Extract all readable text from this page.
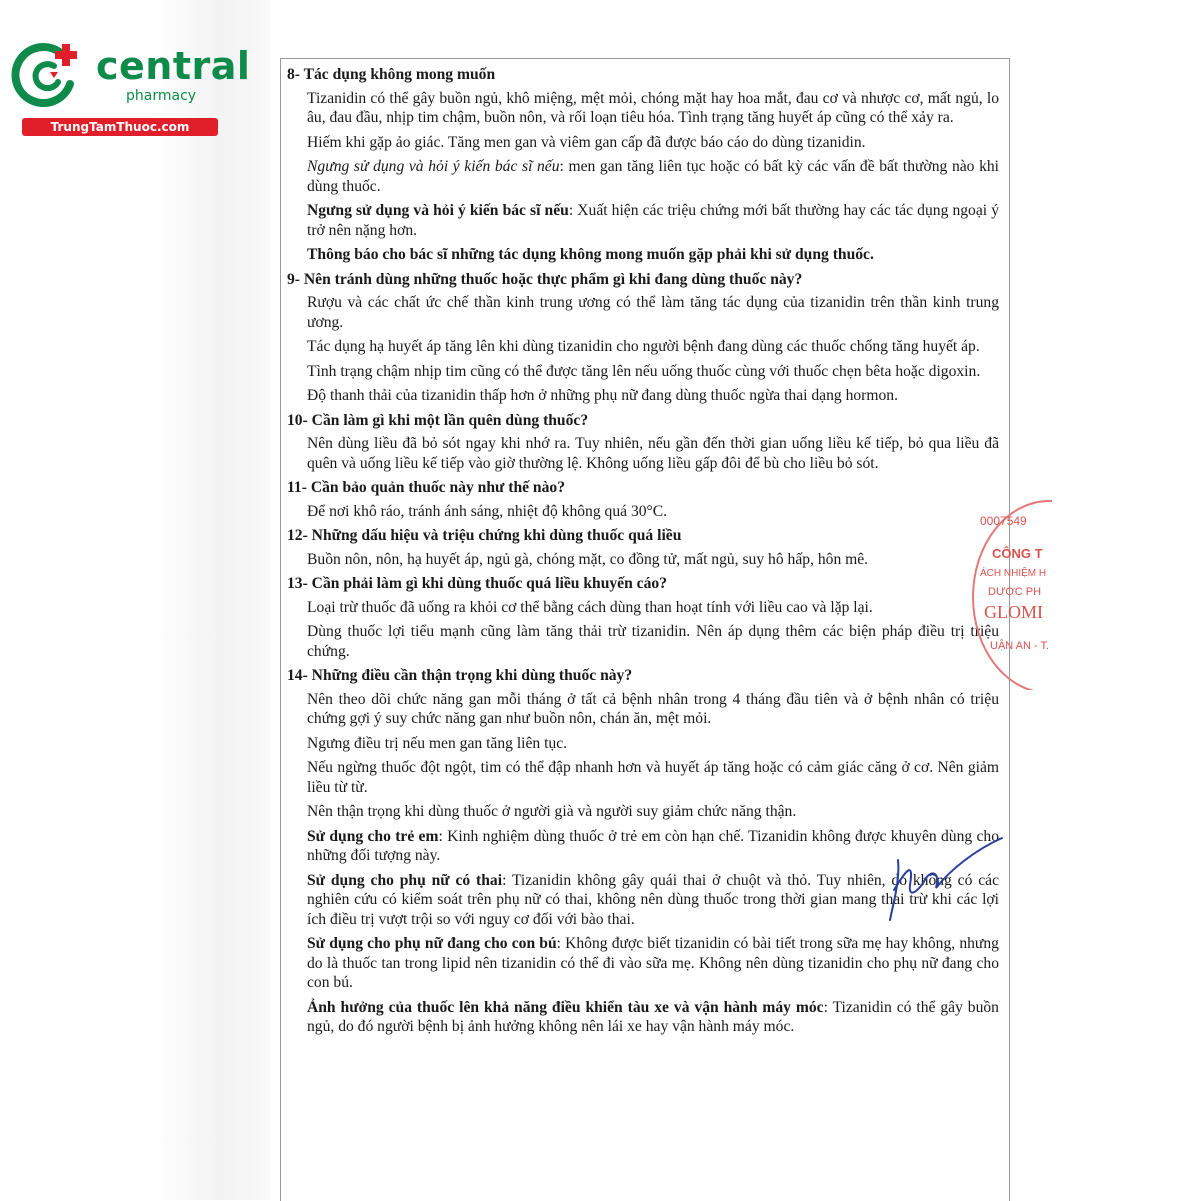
central
pharmacy
TrungTamThuoc.com
8- Tác dụng không mong muốn
Tizanidin có thể gây buồn ngủ, khô miệng, mệt mỏi, chóng mặt hay hoa mắt, đau cơ và nhược cơ, mất ngủ, lo âu, đau đầu, nhịp tim chậm, buồn nôn, và rối loạn tiêu hóa. Tình trạng tăng huyết áp cũng có thể xảy ra.
Hiếm khi gặp ảo giác. Tăng men gan và viêm gan cấp đã được báo cáo do dùng tizanidin.
Ngưng sử dụng và hỏi ý kiến bác sĩ nếu: men gan tăng liên tục hoặc có bất kỳ các vấn đề bất thường nào khi dùng thuốc.
Ngưng sử dụng và hỏi ý kiến bác sĩ nếu: Xuất hiện các triệu chứng mới bất thường hay các tác dụng ngoại ý trở nên nặng hơn.
Thông báo cho bác sĩ những tác dụng không mong muốn gặp phải khi sử dụng thuốc.
9- Nên tránh dùng những thuốc hoặc thực phẩm gì khi đang dùng thuốc này?
Rượu và các chất ức chế thần kinh trung ương có thể làm tăng tác dụng của tizanidin trên thần kinh trung ương.
Tác dụng hạ huyết áp tăng lên khi dùng tizanidin cho người bệnh đang dùng các thuốc chống tăng huyết áp.
Tình trạng chậm nhịp tim cũng có thể được tăng lên nếu uống thuốc cùng với thuốc chẹn bêta hoặc digoxin.
Độ thanh thải của tizanidin thấp hơn ở những phụ nữ đang dùng thuốc ngừa thai dạng hormon.
10- Cần làm gì khi một lần quên dùng thuốc?
Nên dùng liều đã bỏ sót ngay khi nhớ ra. Tuy nhiên, nếu gần đến thời gian uống liều kế tiếp, bỏ qua liều đã quên và uống liều kế tiếp vào giờ thường lệ. Không uống liều gấp đôi để bù cho liều bỏ sót.
11- Cần bảo quản thuốc này như thế nào?
Để nơi khô ráo, tránh ánh sáng, nhiệt độ không quá 30°C.
12- Những dấu hiệu và triệu chứng khi dùng thuốc quá liều
Buồn nôn, nôn, hạ huyết áp, ngủ gà, chóng mặt, co đồng tử, mất ngủ, suy hô hấp, hôn mê.
13- Cần phải làm gì khi dùng thuốc quá liều khuyến cáo?
Loại trừ thuốc đã uống ra khỏi cơ thể bằng cách dùng than hoạt tính với liều cao và lặp lại.
Dùng thuốc lợi tiểu mạnh cũng làm tăng thải trừ tizanidin. Nên áp dụng thêm các biện pháp điều trị triệu chứng.
14- Những điều cần thận trọng khi dùng thuốc này?
Nên theo dõi chức năng gan mỗi tháng ở tất cả bệnh nhân trong 4 tháng đầu tiên và ở bệnh nhân có triệu chứng gợi ý suy chức năng gan như buồn nôn, chán ăn, mệt mỏi.
Ngưng điều trị nếu men gan tăng liên tục.
Nếu ngừng thuốc đột ngột, tim có thể đập nhanh hơn và huyết áp tăng hoặc có cảm giác căng ở cơ. Nên giảm liều từ từ.
Nên thận trọng khi dùng thuốc ở người già và người suy giảm chức năng thận.
Sử dụng cho trẻ em: Kinh nghiệm dùng thuốc ở trẻ em còn hạn chế. Tizanidin không được khuyên dùng cho những đối tượng này.
Sử dụng cho phụ nữ có thai: Tizanidin không gây quái thai ở chuột và thỏ. Tuy nhiên, do không có các nghiên cứu có kiểm soát trên phụ nữ có thai, không nên dùng thuốc trong thời gian mang thai trừ khi các lợi ích điều trị vượt trội so với nguy cơ đối với bào thai.
Sử dụng cho phụ nữ đang cho con bú: Không được biết tizanidin có bài tiết trong sữa mẹ hay không, nhưng do là thuốc tan trong lipid nên tizanidin có thể đi vào sữa mẹ. Không nên dùng tizanidin cho phụ nữ đang cho con bú.
Ảnh hưởng của thuốc lên khả năng điều khiển tàu xe và vận hành máy móc: Tizanidin có thể gây buồn ngủ, do đó người bệnh bị ảnh hưởng không nên lái xe hay vận hành máy móc.
0007549
CÔNG T
ÁCH NHIỆM H
DƯỢC PH
GLOMI
UẬN AN - T.
